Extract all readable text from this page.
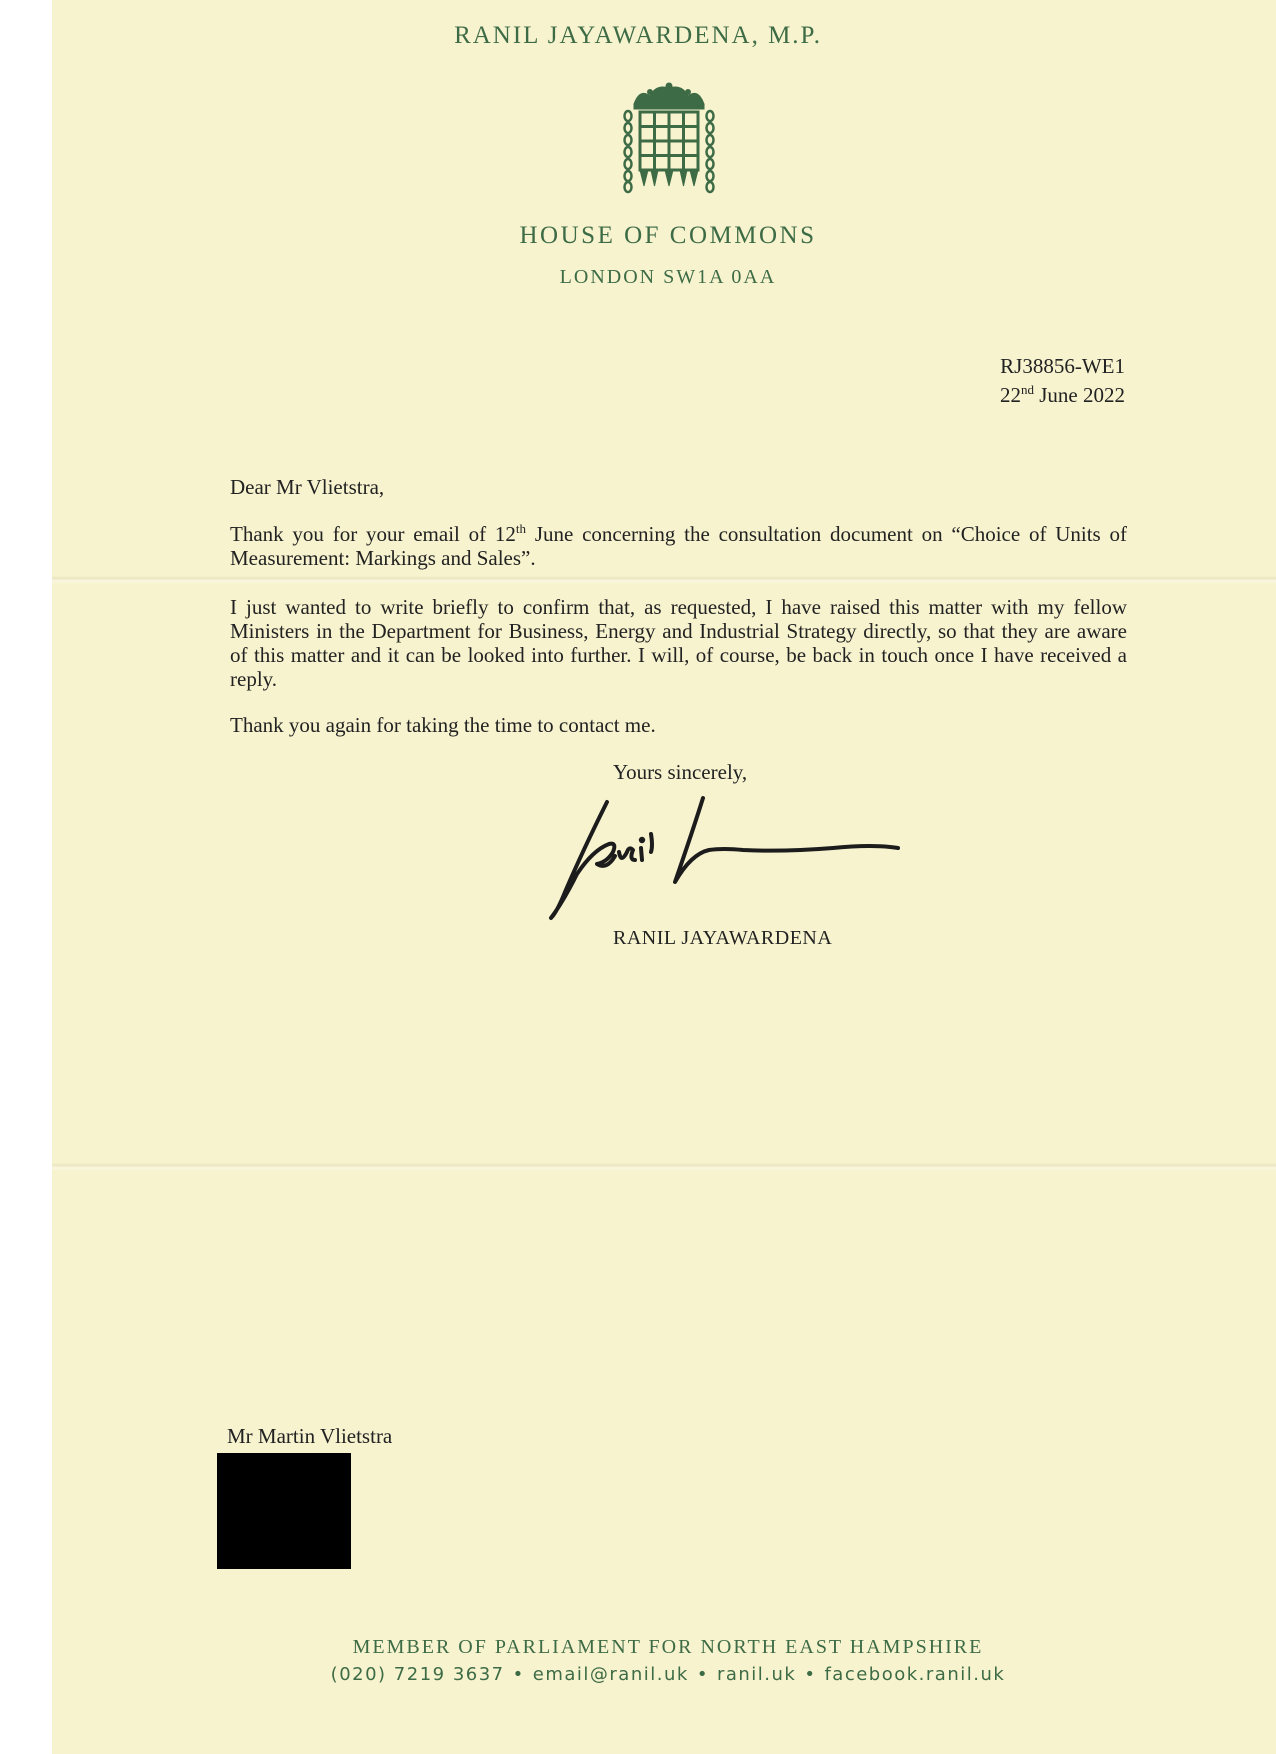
RANIL JAYAWARDENA, M.P.
HOUSE OF COMMONS
LONDON SW1A 0AA
RJ38856-WE1
22nd June 2022
Dear Mr Vlietstra,
Thank you for your email of 12th June concerning the consultation document on “Choice of Units of Measurement: Markings and Sales”.
I just wanted to write briefly to confirm that, as requested, I have raised this matter with my fellow Ministers in the Department for Business, Energy and Industrial Strategy directly, so that they are aware of this matter and it can be looked into further. I will, of course, be back in touch once I have received a reply.
Thank you again for taking the time to contact me.
Yours sincerely,
RANIL JAYAWARDENA
Mr Martin Vlietstra
MEMBER OF PARLIAMENT FOR NORTH EAST HAMPSHIRE
(020) 7219 3637 • email@ranil.uk • ranil.uk • facebook.ranil.uk
